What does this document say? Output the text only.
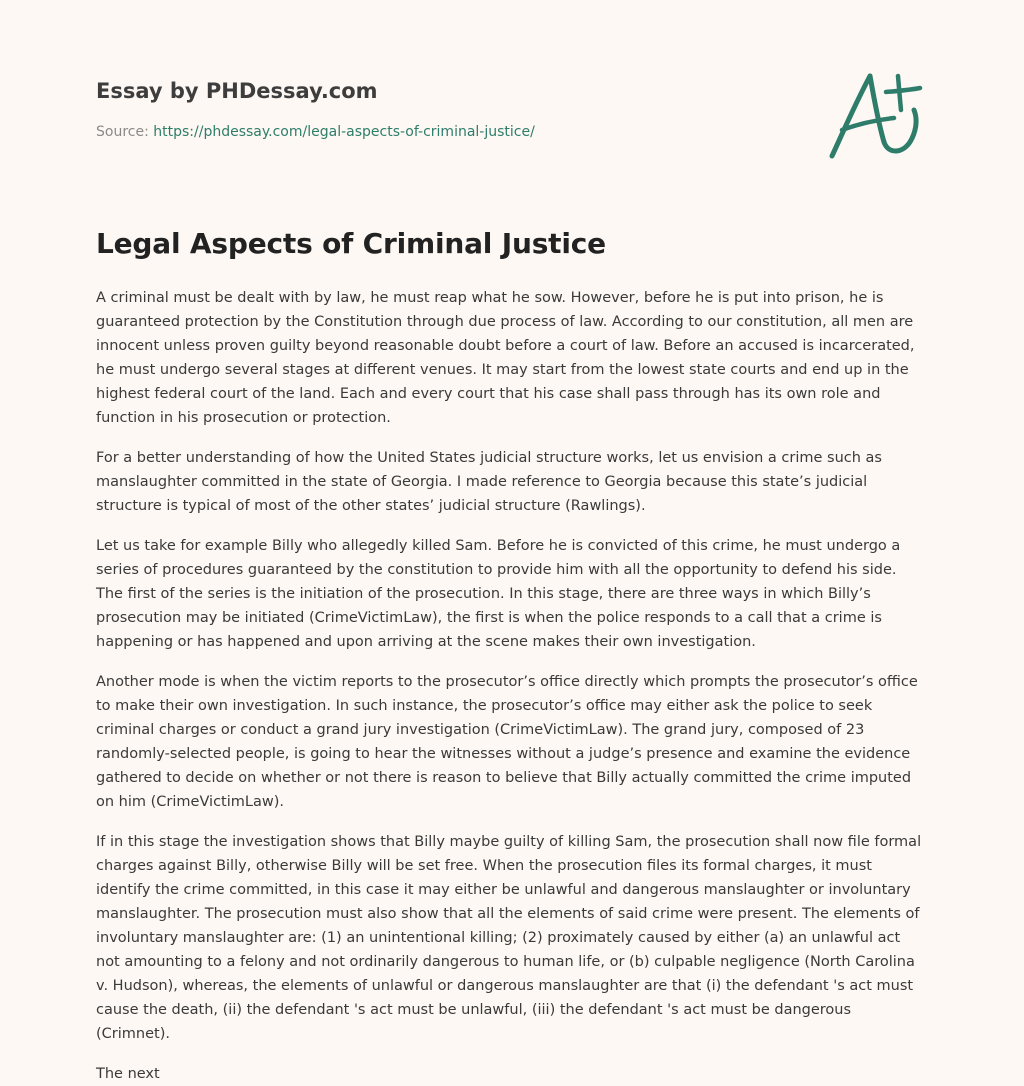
Essay by PHDessay.com
Source: https://phdessay.com/legal-aspects-of-criminal-justice/
Legal Aspects of Criminal Justice

A criminal must be dealt with by law, he must reap what he sow. However, before he is put into prison, he is guaranteed protection by the Constitution through due process of law. According to our constitution, all men are innocent unless proven guilty beyond reasonable doubt before a court of law. Before an accused is incarcerated, he must undergo several stages at different venues. It may start from the lowest state courts and end up in the highest federal court of the land. Each and every court that his case shall pass through has its own role and function in his prosecution or protection.

For a better understanding of how the United States judicial structure works, let us envision a crime such as manslaughter committed in the state of Georgia. I made reference to Georgia because this state’s judicial structure is typical of most of the other states’ judicial structure (Rawlings).

Let us take for example Billy who allegedly killed Sam. Before he is convicted of this crime, he must undergo a series of procedures guaranteed by the constitution to provide him with all the opportunity to defend his side. The first of the series is the initiation of the prosecution. In this stage, there are three ways in which Billy’s prosecution may be initiated (CrimeVictimLaw), the first is when the police responds to a call that a crime is happening or has happened and upon arriving at the scene makes their own investigation.

Another mode is when the victim reports to the prosecutor’s office directly which prompts the prosecutor’s office to make their own investigation. In such instance, the prosecutor’s office may either ask the police to seek criminal charges or conduct a grand jury investigation (CrimeVictimLaw). The grand jury, composed of 23 randomly-selected people, is going to hear the witnesses without a judge’s presence and examine the evidence gathered to decide on whether or not there is reason to believe that Billy actually committed the crime imputed on him (CrimeVictimLaw).

If in this stage the investigation shows that Billy maybe guilty of killing Sam, the prosecution shall now file formal charges against Billy, otherwise Billy will be set free. When the prosecution files its formal charges, it must identify the crime committed, in this case it may either be unlawful and dangerous manslaughter or involuntary manslaughter. The prosecution must also show that all the elements of said crime were present. The elements of involuntary manslaughter are: (1) an unintentional killing; (2) proximately caused by either (a) an unlawful act not amounting to a felony and not ordinarily dangerous to human life, or (b) culpable negligence (North Carolina v. Hudson), whereas, the elements of unlawful or dangerous manslaughter are that (i) the defendant 's act must cause the death, (ii) the defendant 's act must be unlawful, (iii) the defendant 's act must be dangerous (Crimnet).

The next
